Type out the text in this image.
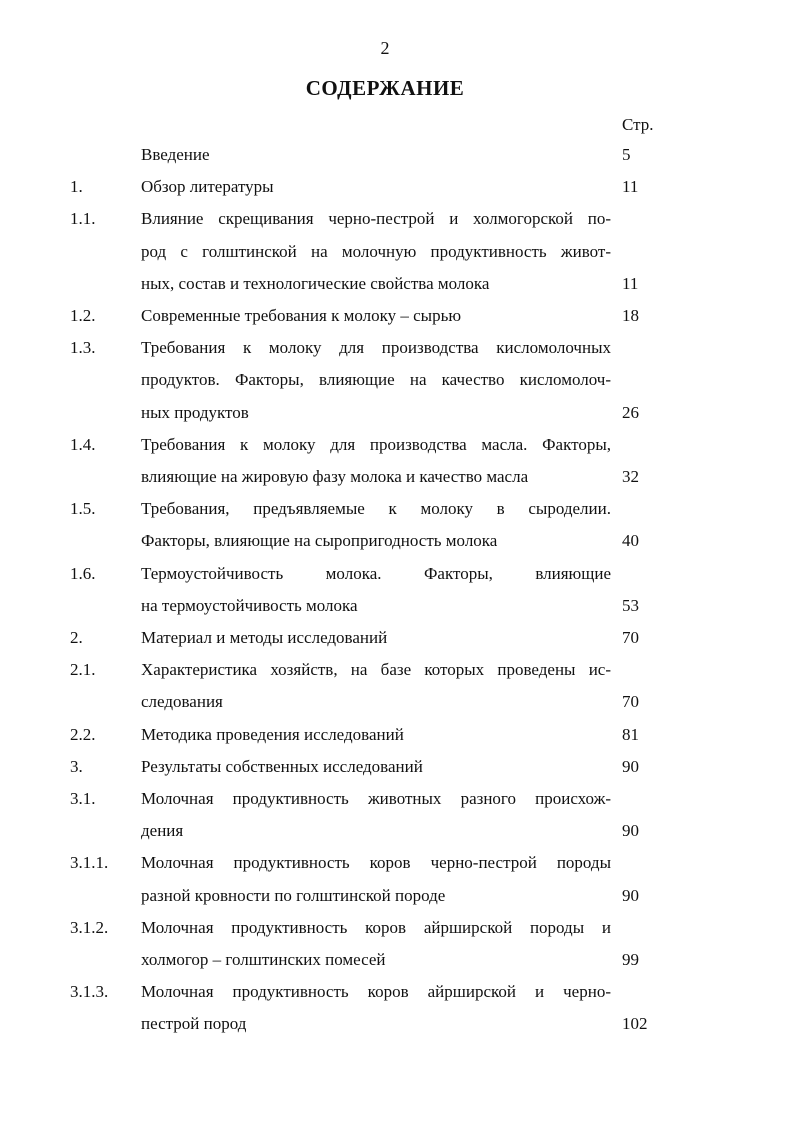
2
СОДЕРЖАНИЕ
Стр.
Введение	5
1.	Обзор литературы	11
1.1.	Влияние скрещивания черно-пестрой и холмогорской по-
род с голштинской на молочную продуктивность живот-
ных, состав и технологические свойства молока	11
1.2.	Современные требования к молоку – сырью	18
1.3.	Требования к молоку для производства кисломолочных
продуктов. Факторы, влияющие на качество кисломолоч-
ных продуктов	26
1.4.	Требования к молоку для производства масла. Факторы,
влияющие на жировую фазу молока и качество масла	32
1.5.	Требования, предъявляемые к молоку в сыроделии.
Факторы, влияющие на сыропригодность молока	40
1.6.	Термоустойчивость молока. Факторы, влияющие
на термоустойчивость молока	53
2.	Материал и методы исследований	70
2.1.	Характеристика хозяйств, на базе которых проведены ис-
следования	70
2.2.	Методика проведения исследований	81
3.	Результаты собственных исследований	90
3.1.	Молочная продуктивность животных разного происхож-
дения	90
3.1.1. Молочная продуктивность коров черно-пестрой породы
разной кровности по голштинской породе	90
3.1.2. Молочная продуктивность коров айрширской породы и
холмогор – голштинских помесей	99
3.1.3. Молочная продуктивность коров айрширской и черно-
пестрой пород	102
